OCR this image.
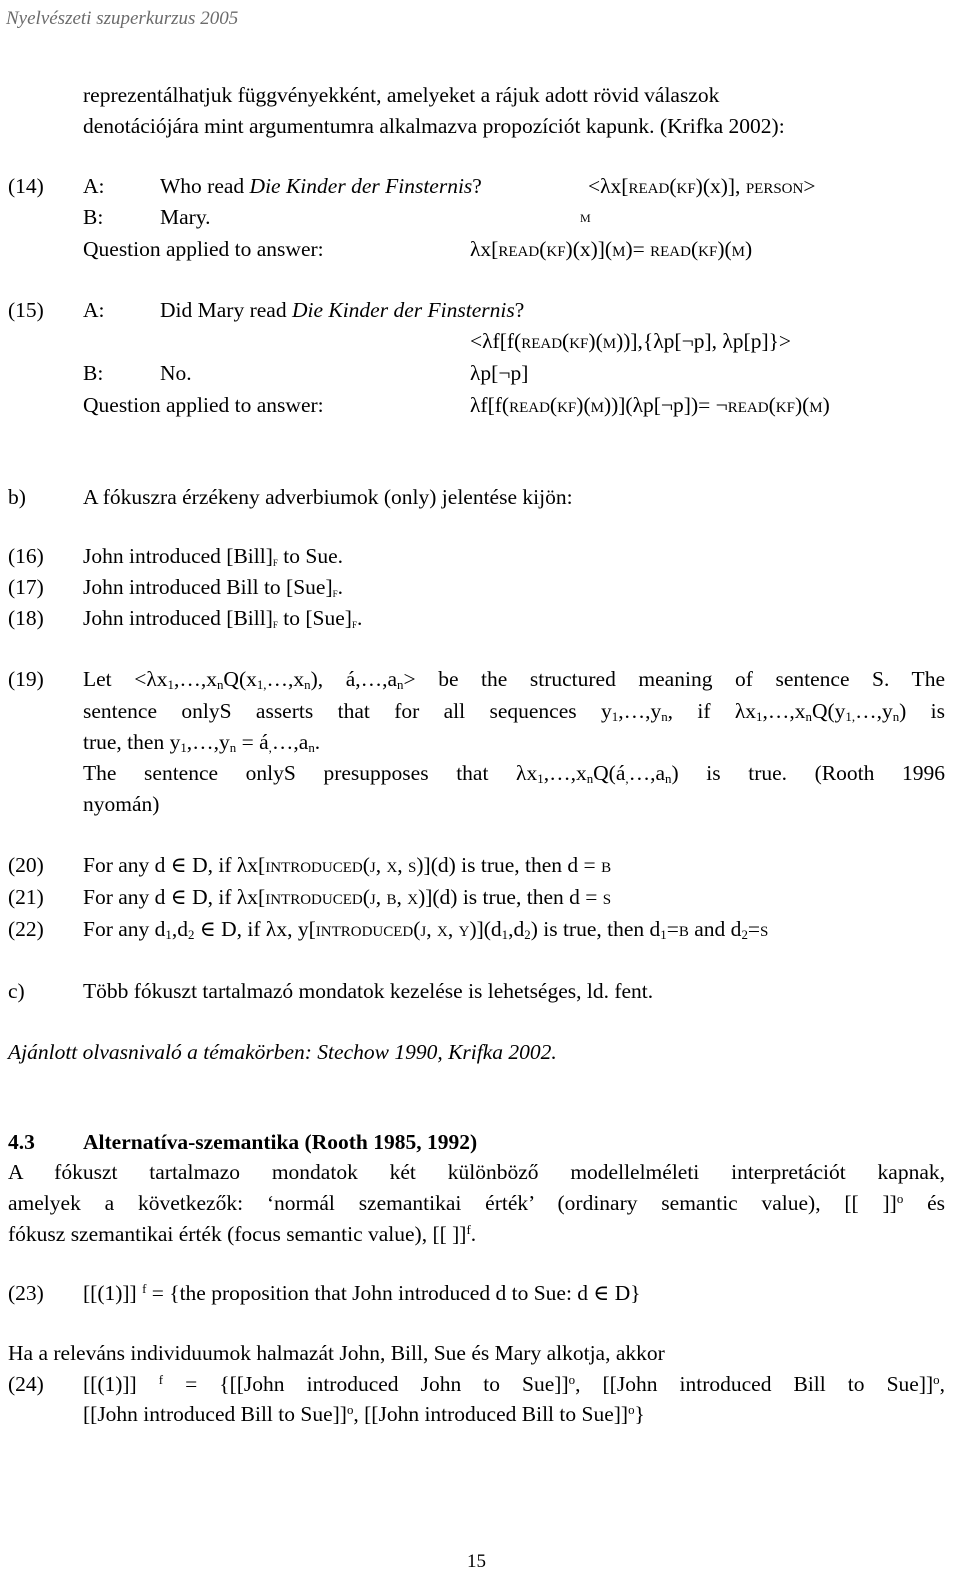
Nyelvészeti szuperkurzus 2005
reprezentálhatjuk függvényekként, amelyeket a rájuk adott rövid válaszok
denotációjára mint argumentumra alkalmazva propozíciót kapunk. (Krifka 2002):
(14) A:	Who read Die Kinder der Finsternis?	<λx[read(kf)(x)], person>
B:	Mary.	m
Question applied to answer:	λx[read(kf)(x)](m)= read(kf)(m)
(15) A:	Did Mary read Die Kinder der Finsternis?
<λf[f(read(kf)(m))],{λp[¬p], λp[p]}>
B:	No.	λp[¬p]
Question applied to answer:	λf[f(read(kf)(m))](λp[¬p])= ¬read(kf)(m)
b)	A fókuszra érzékeny adverbiumok (only) jelentése kijön:
(16) John introduced $[Bill]_f$ to Sue.
(17) John introduced Bill to $[Sue]_f$.
(18) John introduced $[Bill]_f$ to $[Sue]_f$.
(19) Let $<\lambda x_1,\dots,x_nQ(x_{1,}\dots,x_n)$, $á,\dots,a_n>$ be the structured meaning of sentence S. The
sentence onlyS asserts that for all sequences $y_1,\dots,y_n$, if $\lambda x_1,\dots,x_nQ(y_{1,}\dots,y_n)$ is
true, then $y_1,\dots,y_n$ = $á_,\dots,a_n$.
The sentence onlyS presupposes that $\lambda x_1,\dots,x_nQ(á_,\dots,a_n)$ is true. (Rooth 1996
nyomán)
(20) For any d ∈ D, if λx[introduced(j, x, s)](d) is true, then d = b
(21) For any d ∈ D, if λx[introduced(j, b, x)](d) is true, then d = s
(22) For any $d_1,d_2$ ∈ D, if λx, y[introduced(j, x, $y)](d_1,d_2)$ is true, then $d_1=b$ and $d_2=s$
c)	Több fókuszt tartalmazó mondatok kezelése is lehetséges, ld. fent.
Ajánlott olvasnivaló a témakörben: Stechow 1990, Krifka 2002.
4.3 Alternatíva-szemantika (Rooth 1985, 1992)
A fókuszt tartalmazo mondatok két különböző modellelméleti interpretációt kapnak,
amelyek a következők: ‘normál szemantikai érték’ (ordinary semantic value), [[ ]]$^o$ és
fókusz szemantikai érték (focus semantic value), [[ ]]$^f$.
(23) [[(1)]] $^f$ = {the proposition that John introduced d to Sue: d ∈ D}
Ha a releváns individuumok halmazát John, Bill, Sue és Mary alkotja, akkor
(24) [[(1)]] $^f$ = {[[John introduced John to Sue]]$^o$, [[John introduced Bill to Sue]]$^o$,
[[John introduced Bill to Sue]]$^o$, [[John introduced Bill to Sue]]$^o$}
15
